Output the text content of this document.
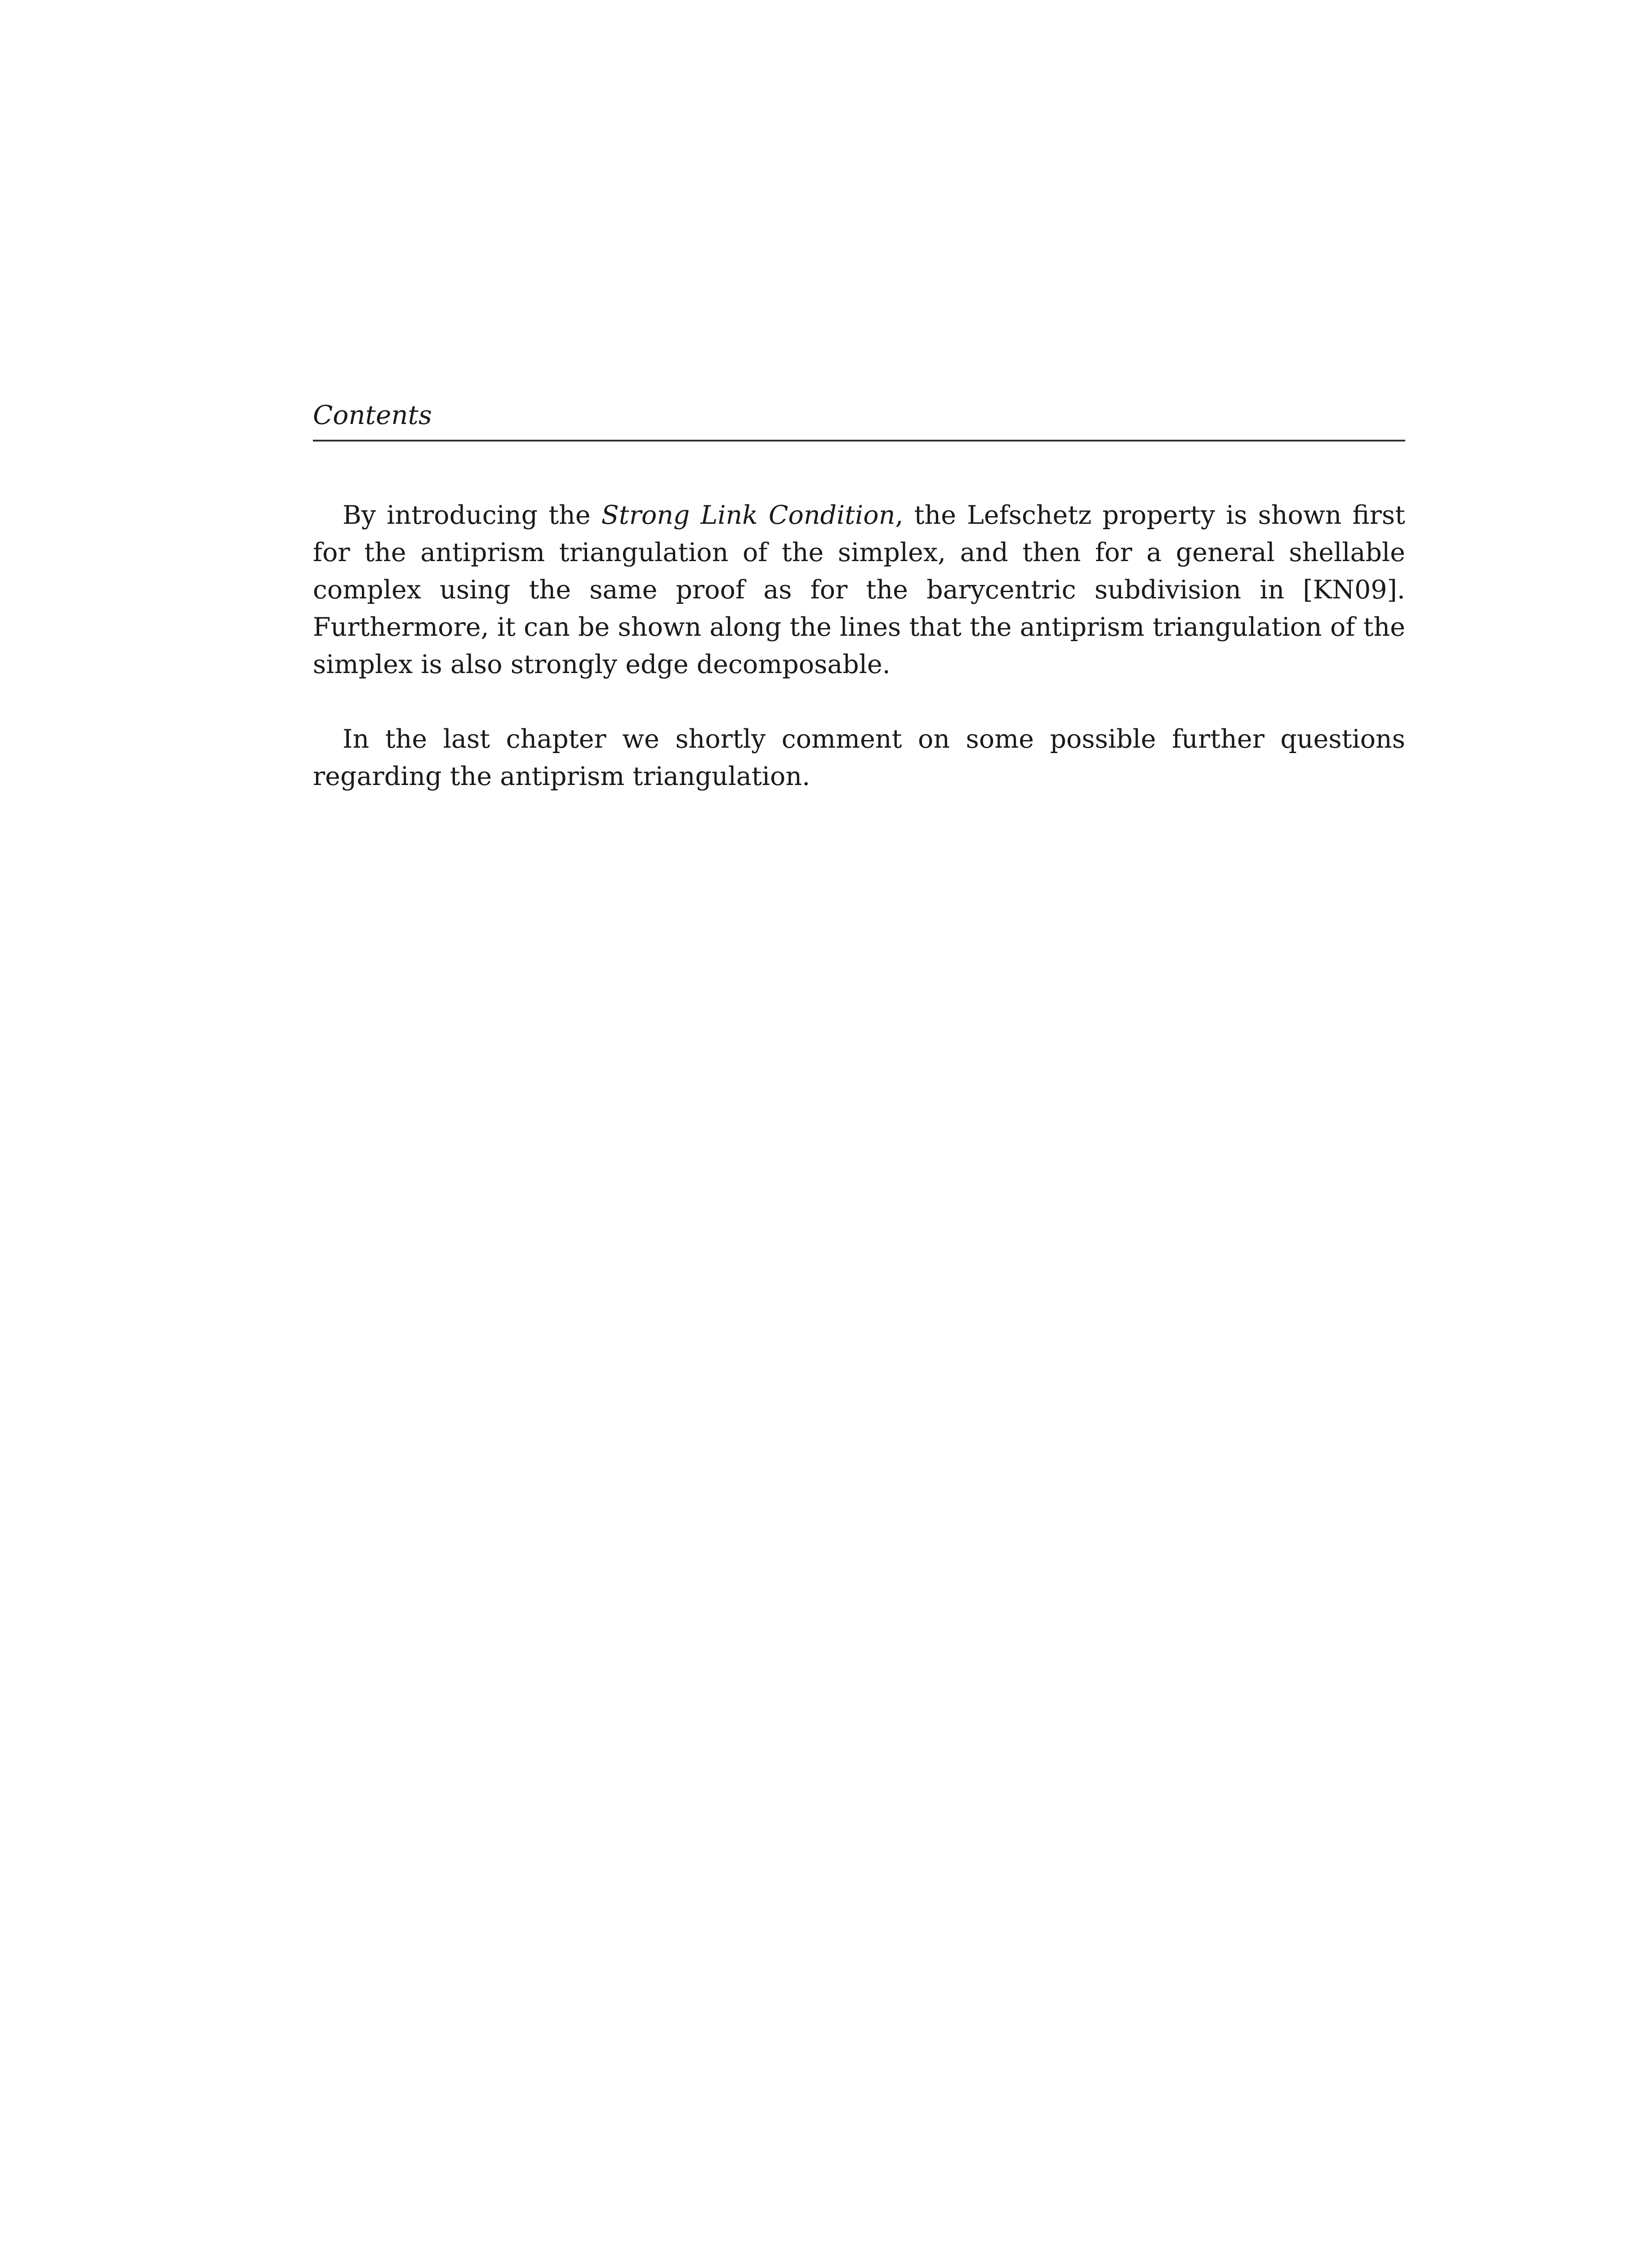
Contents

By introducing the Strong Link Condition, the Lefschetz property is shown first for the antiprism triangulation of the simplex, and then for a general shellable complex using the same proof as for the barycentric subdivision in [KN09]. Furthermore, it can be shown along the lines that the antiprism triangulation of the simplex is also strongly edge decomposable.

In the last chapter we shortly comment on some possible further questions regarding the antiprism triangulation.
